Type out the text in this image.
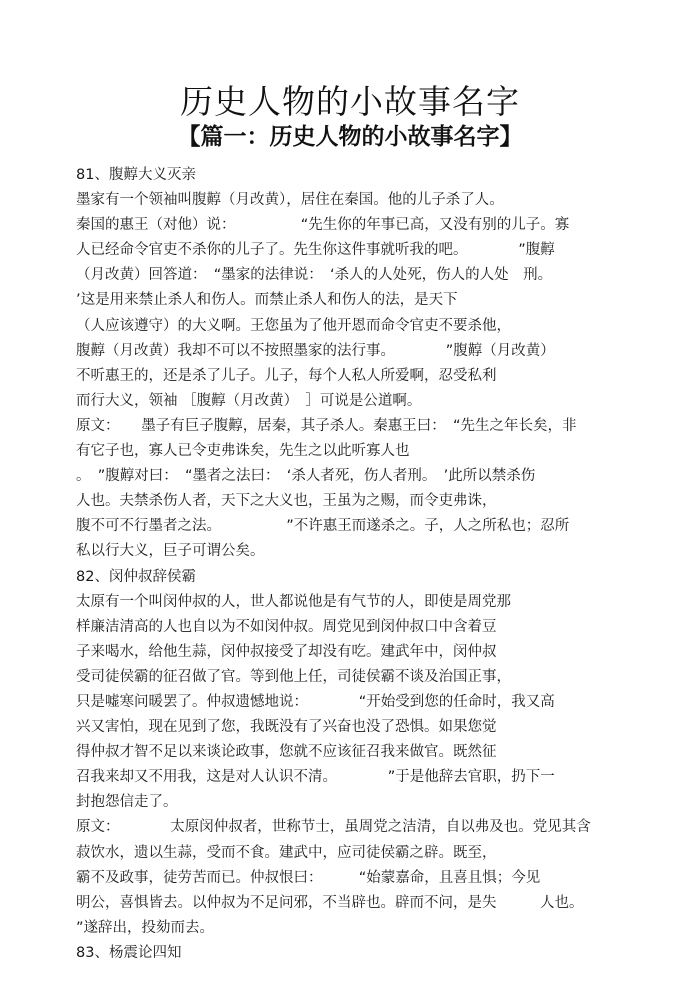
历史人物的小故事名字
【篇一：历史人物的小故事名字】
81、腹䵍大义灭亲
墨家有一个领袖叫腹䵍（月改黄），居住在秦国。他的儿子杀了人。
秦国的惠王（对他）说：　　　　　“先生你的年事已高，又没有别的儿子。寡
人已经命令官吏不杀你的儿子了。先生你这件事就听我的吧。　　　　”腹䵍
（月改黄）回答道：　“墨家的法律说：　‘杀人的人处死，伤人的人处　刑。
’这是用来禁止杀人和伤人。而禁止杀人和伤人的法，是天下
（人应该遵守）的大义啊。王您虽为了他开恩而命令官吏不要杀他，
腹䵍（月改黄）我却不可以不按照墨家的法行事。　　　　”腹䵍（月改黄）
不听惠王的，还是杀了儿子。儿子，每个人私人所爱啊，忍受私利
而行大义，领袖 ［腹䵍（月改黄）　］可说是公道啊。
原文：　　墨子有巨子腹䵍，居秦，其子杀人。秦惠王曰：　“先生之年长矣，非
有它子也，寡人已令吏弗诛矣，先生之以此听寡人也
。　”腹䵍对曰：　“墨者之法曰：　‘杀人者死，伤人者刑。　’此所以禁杀伤
人也。夫禁杀伤人者，天下之大义也，王虽为之赐，而令吏弗诛，
腹不可不行墨者之法。　　　　　”不许惠王而遂杀之。子，人之所私也；忍所
私以行大义，巨子可谓公矣。
82、闵仲叔辞侯霸
太原有一个叫闵仲叔的人，世人都说他是有气节的人，即使是周党那
样廉洁清高的人也自以为不如闵仲叔。周党见到闵仲叔口中含着豆
子来喝水，给他生蒜，闵仲叔接受了却没有吃。建武年中，闵仲叔
受司徒侯霸的征召做了官。等到他上任，司徒侯霸不谈及治国正事，
只是嘘寒问暖罢了。仲叔遗憾地说：　　　　“开始受到您的任命时，我又高
兴又害怕，现在见到了您，我既没有了兴奋也没了恐惧。如果您觉
得仲叔才智不足以来谈论政事，您就不应该征召我来做官。既然征
召我来却又不用我，这是对人认识不清。　　　　”于是他辞去官职，扔下一
封抱怨信走了。
原文：　　　　太原闵仲叔者，世称节士，虽周党之洁清，自以弗及也。党见其含
菽饮水，遗以生蒜，受而不食。建武中，应司徒侯霸之辟。既至，
霸不及政事，徒劳苦而已。仲叔恨曰：　　　“始蒙嘉命，且喜且惧；今见
明公，喜惧皆去。以仲叔为不足问邪，不当辟也。辟而不问，是失　　　人也。
”遂辞出，投劾而去。
83、杨震论四知
